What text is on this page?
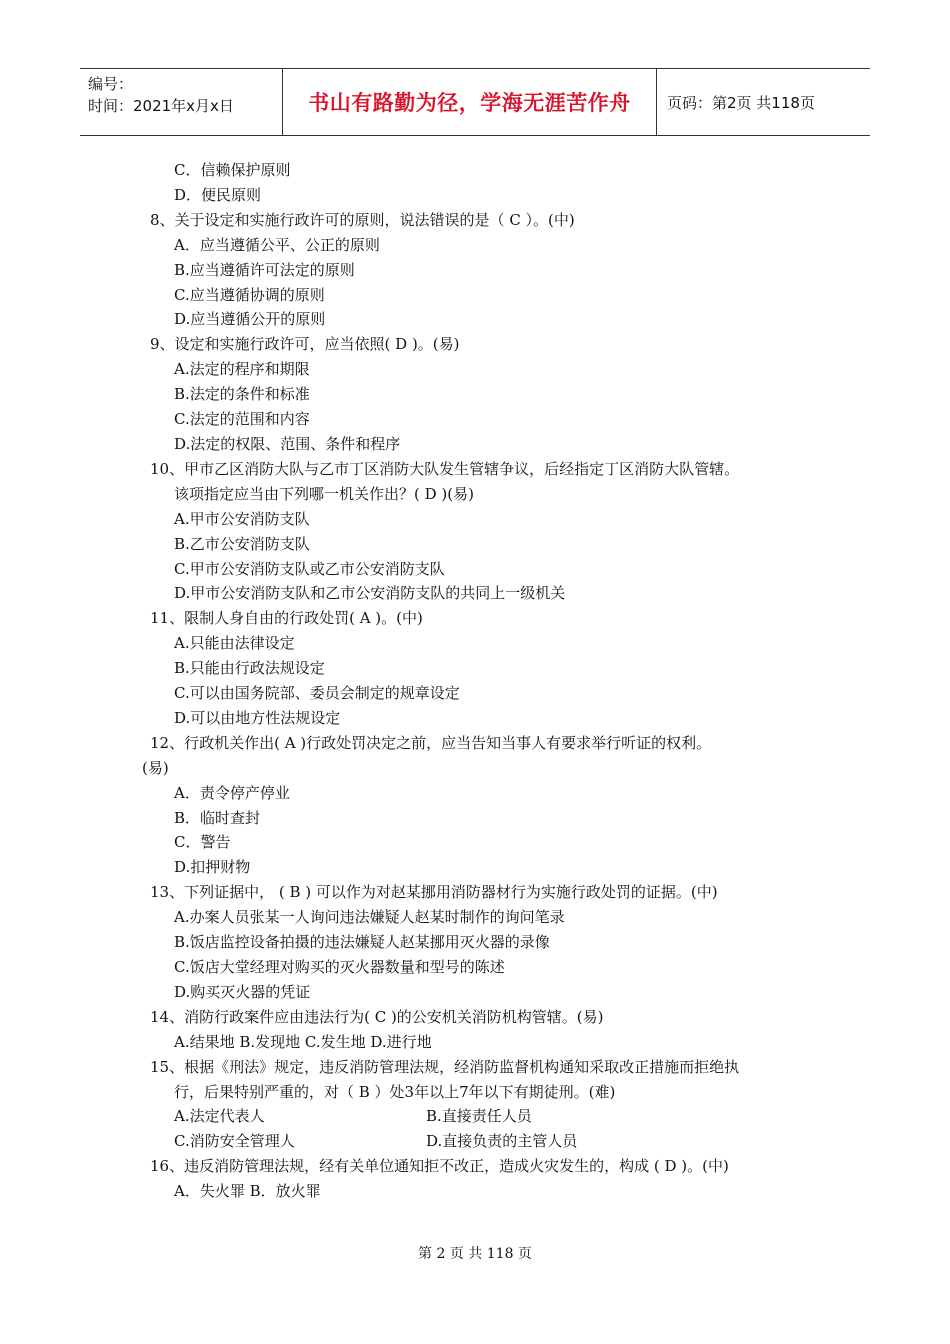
编号：
时间：2021年x月x日	书山有路勤为径，学海无涯苦作舟 页码：第2页 共118页
C．信赖保护原则
D．便民原则
8、关于设定和实施行政许可的原则，说法错误的是（ C ）。(中)
A．应当遵循公平、公正的原则
B.应当遵循许可法定的原则
C.应当遵循协调的原则
D.应当遵循公开的原则
9、设定和实施行政许可，应当依照( D )。(易)
A.法定的程序和期限
B.法定的条件和标准
C.法定的范围和内容
D.法定的权限、范围、条件和程序
10、甲市乙区消防大队与乙市丁区消防大队发生管辖争议，后经指定丁区消防大队管辖。
该项指定应当由下列哪一机关作出？( D )(易)
A.甲市公安消防支队
B.乙市公安消防支队
C.甲市公安消防支队或乙市公安消防支队
D.甲市公安消防支队和乙市公安消防支队的共同上一级机关
11、限制人身自由的行政处罚( A )。(中)
A.只能由法律设定
B.只能由行政法规设定
C.可以由国务院部、委员会制定的规章设定
D.可以由地方性法规设定
12、行政机关作出( A )行政处罚决定之前，应当告知当事人有要求举行听证的权利。
(易)
A．责令停产停业
B．临时查封
C．警告
D.扣押财物
13、下列证据中， ( B ) 可以作为对赵某挪用消防器材行为实施行政处罚的证据。(中)
A.办案人员张某一人询问违法嫌疑人赵某时制作的询问笔录
B.饭店监控设备拍摄的违法嫌疑人赵某挪用灭火器的录像
C.饭店大堂经理对购买的灭火器数量和型号的陈述
D.购买灭火器的凭证
14、消防行政案件应由违法行为( C )的公安机关消防机构管辖。(易)
A.结果地 B.发现地 C.发生地 D.进行地
15、根据《刑法》规定，违反消防管理法规，经消防监督机构通知采取改正措施而拒绝执
行，后果特别严重的，对（ B ）处3年以上7年以下有期徒刑。(难)
A.法定代表人	B.直接责任人员
C.消防安全管理人	D.直接负责的主管人员
16、违反消防管理法规，经有关单位通知拒不改正，造成火灾发生的，构成 ( D )。(中)
A．失火罪 B．放火罪
第 2 页 共 118 页
